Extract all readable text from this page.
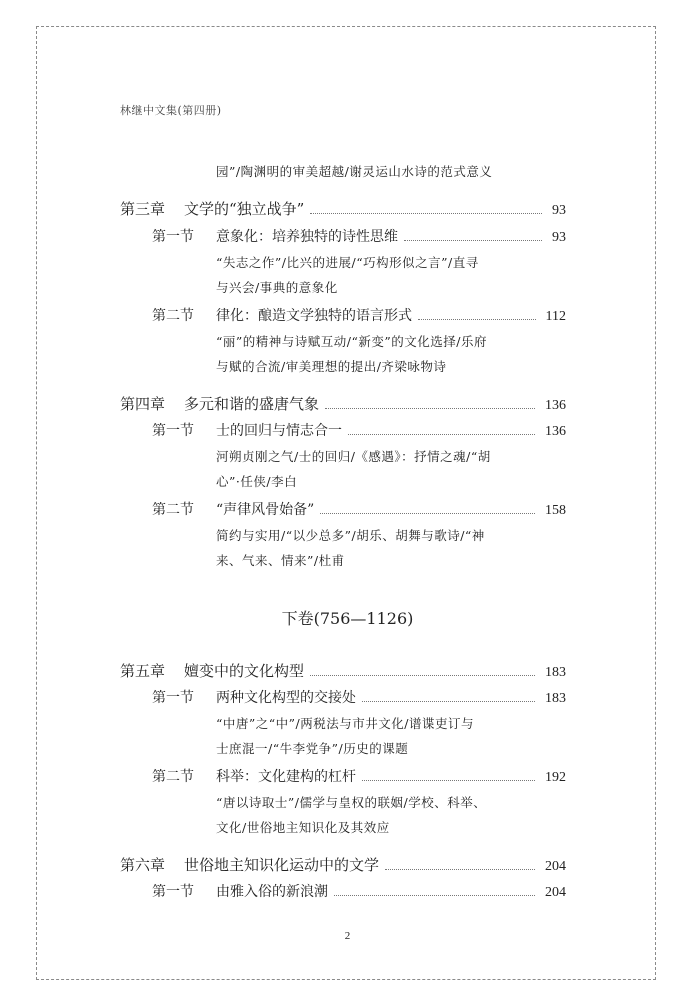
林继中文集(第四册)
园”/陶渊明的审美超越/谢灵运山水诗的范式意义
第三章	文学的“独立战争”	93
第一节	意象化：培养独特的诗性思维	93
“失志之作”/比兴的进展/“巧构形似之言”/直寻
与兴会/事典的意象化
第二节	律化：酿造文学独特的语言形式	112
“丽”的精神与诗赋互动/“新变”的文化选择/乐府
与赋的合流/审美理想的提出/齐梁咏物诗
第四章	多元和谐的盛唐气象	136
第一节	士的回归与情志合一	136
河朔贞刚之气/士的回归/《感遇》：抒情之魂/“胡
心”·任侠/李白
第二节	“声律风骨始备”	158
简约与实用/“以少总多”/胡乐、胡舞与歌诗/“神
来、气来、情来”/杜甫
下卷(756—1126)
第五章	嬗变中的文化构型	183
第一节	两种文化构型的交接处	183
“中唐”之“中”/两税法与市井文化/谱谍吏订与
士庶混一/“牛李党争”/历史的课题
第二节	科举：文化建构的杠杆	192
“唐以诗取士”/儒学与皇权的联姻/学校、科举、
文化/世俗地主知识化及其效应
第六章	世俗地主知识化运动中的文学	204
第一节	由雅入俗的新浪潮	204
2
